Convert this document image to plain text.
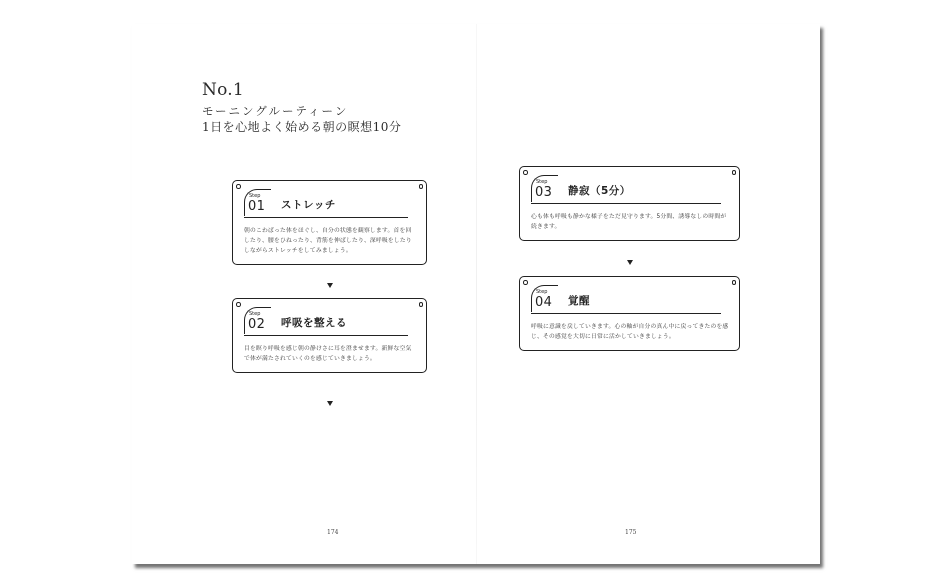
No.1
モーニングルーティーン
1日を心地よく始める朝の瞑想10分
Step
01 ストレッチ
朝のこわばった体をほぐし、自分の状態を観察します。首を回したり、腰をひねったり、背筋を伸ばしたり、深呼吸をしたりしながらストレッチをしてみましょう。
Step
02 呼吸を整える
目を瞑り呼吸を感じ朝の静けさに耳を澄ませます。新鮮な空気で体が満たされていくのを感じていきましょう。
Step
03 静寂（5分）
心も体も呼吸も静かな様子をただ見守ります。5分間、誘導なしの時間が続きます。
Step
04 覚醒
呼吸に意識を戻していきます。心の軸が自分の真ん中に戻ってきたのを感じ、その感覚を大切に日常に活かしていきましょう。
174	175
